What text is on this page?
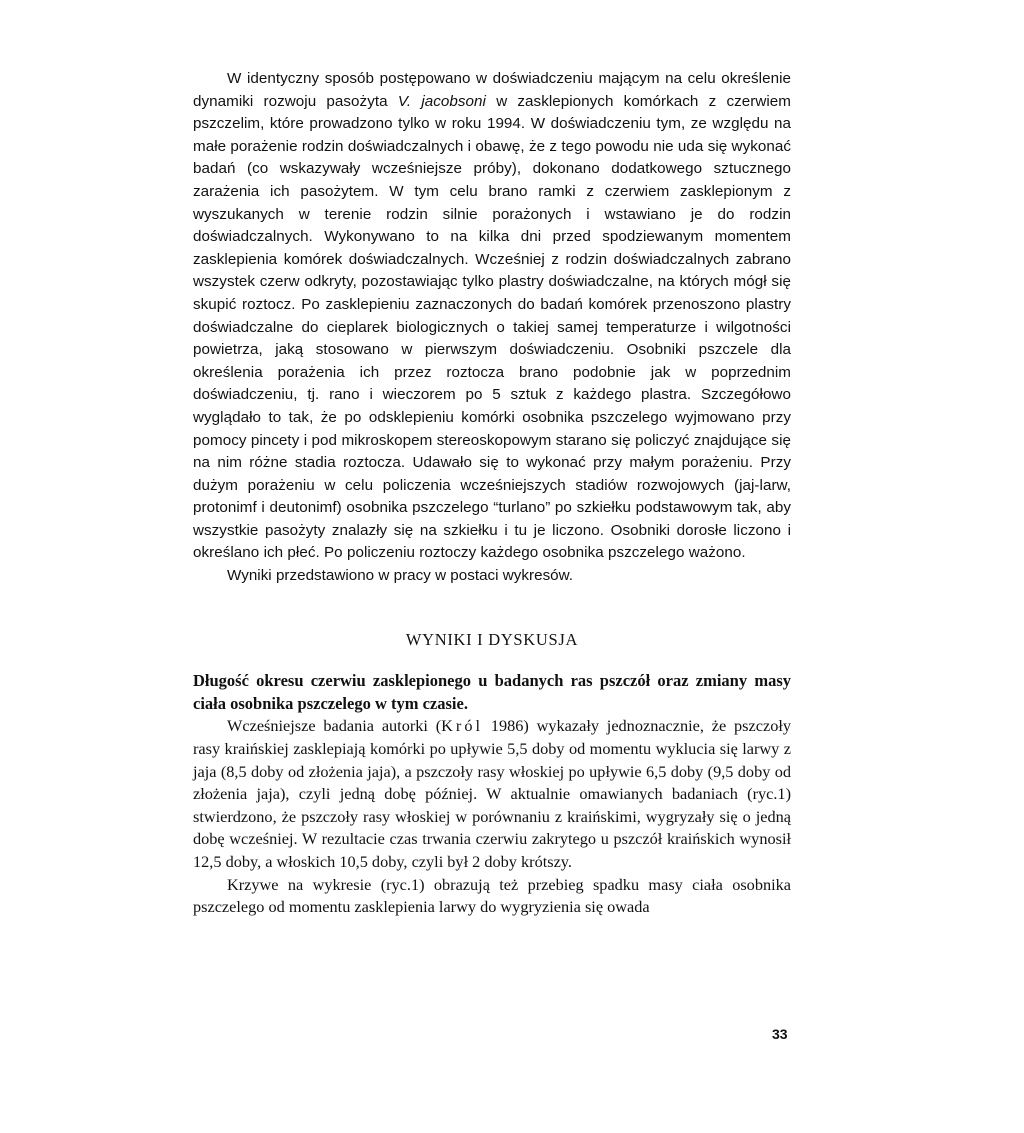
W identyczny sposób postępowano w doświadczeniu mającym na celu określenie dynamiki rozwoju pasożyta V. jacobsoni w zasklepionych komórkach z czerwiem pszczelim, które prowadzono tylko w roku 1994. W doświadczeniu tym, ze względu na małe porażenie rodzin doświadczalnych i obawę, że z tego powodu nie uda się wykonać badań (co wskazywały wcześniejsze próby), dokonano dodatkowego sztucznego zarażenia ich pasożytem. W tym celu brano ramki z czerwiem zasklepionym z wyszukanych w terenie rodzin silnie porażonych i wstawiano je do rodzin doświadczalnych. Wykonywano to na kilka dni przed spodziewanym momentem zasklepienia komórek doświadczalnych. Wcześniej z rodzin doświadczalnych zabrano wszystek czerw odkryty, pozostawiając tylko plastry doświadczalne, na których mógł się skupić roztocz. Po zasklepieniu zaznaczonych do badań komórek przenoszono plastry doświadczalne do cieplarek biologicznych o takiej samej temperaturze i wilgotności powietrza, jaką stosowano w pierwszym doświadczeniu. Osobniki pszczele dla określenia porażenia ich przez roztocza brano podobnie jak w poprzednim doświadczeniu, tj. rano i wieczorem po 5 sztuk z każdego plastra. Szczegółowo wyglądało to tak, że po odsklepieniu komórki osobnika pszczelego wyjmowano przy pomocy pincety i pod mikroskopem stereoskopowym starano się policzyć znajdujące się na nim różne stadia roztocza. Udawało się to wykonać przy małym porażeniu. Przy dużym porażeniu w celu policzenia wcześniejszych stadiów rozwojowych (jaj-larw, protonimf i deutonimf) osobnika pszczelego “turlano” po szkiełku podstawowym tak, aby wszystkie pasożyty znalazły się na szkiełku i tu je liczono. Osobniki dorosłe liczono i określano ich płeć. Po policzeniu roztoczy każdego osobnika pszczelego ważono.

Wyniki przedstawiono w pracy w postaci wykresów.

WYNIKI I DYSKUSJA

Długość okresu czerwiu zasklepionego u badanych ras pszczół oraz zmiany masy ciała osobnika pszczelego w tym czasie.

Wcześniejsze badania autorki (Król 1986) wykazały jednoznacznie, że pszczoły rasy kraińskiej zasklepiają komórki po upływie 5,5 doby od momentu wyklucia się larwy z jaja (8,5 doby od złożenia jaja), a pszczoły rasy włoskiej po upływie 6,5 doby (9,5 doby od złożenia jaja), czyli jedną dobę później. W aktualnie omawianych badaniach (ryc.1) stwierdzono, że pszczoły rasy włoskiej w porównaniu z kraińskimi, wygryzały się o jedną dobę wcześniej. W rezultacie czas trwania czerwiu zakrytego u pszczół kraińskich wynosił 12,5 doby, a włoskich 10,5 doby, czyli był 2 doby krótszy.

Krzywe na wykresie (ryc.1) obrazują też przebieg spadku masy ciała osobnika pszczelego od momentu zasklepienia larwy do wygryzienia się owada

33
